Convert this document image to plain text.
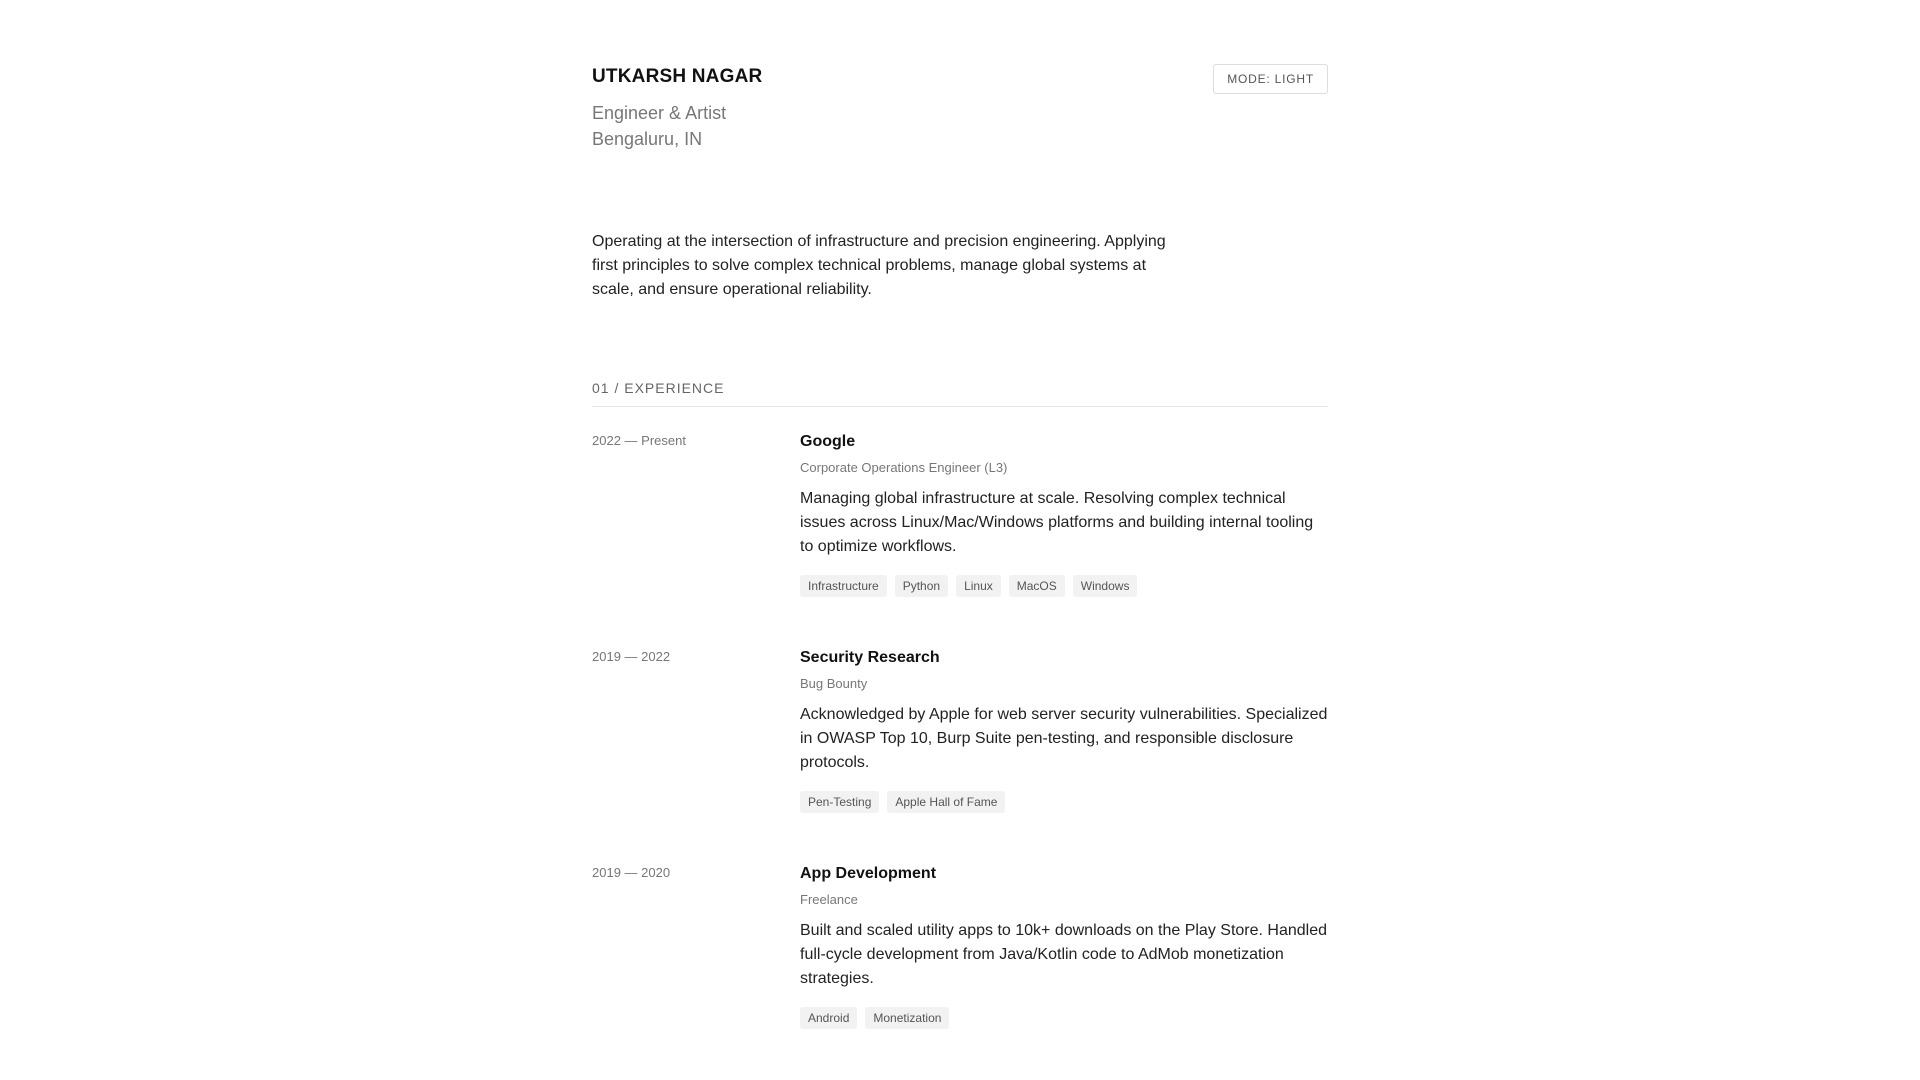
UTKARSH NAGAR
Engineer & Artist
Bengaluru, IN
MODE: LIGHT
Operating at the intersection of infrastructure and precision engineering. Applying first principles to solve complex technical problems, manage global systems at scale, and ensure operational reliability.
01 / EXPERIENCE
2022 — Present	Google
Corporate Operations Engineer (L3)
Managing global infrastructure at scale. Resolving complex technical issues across Linux/Mac/Windows platforms and building internal tooling to optimize workflows.
Infrastructure	Python	Linux	MacOS	Windows
2019 — 2022	Security Research
Bug Bounty
Acknowledged by Apple for web server security vulnerabilities. Specialized in OWASP Top 10, Burp Suite pen-testing, and responsible disclosure protocols.
Pen-Testing	Apple Hall of Fame
2019 — 2020	App Development
Freelance
Built and scaled utility apps to 10k+ downloads on the Play Store. Handled full-cycle development from Java/Kotlin code to AdMob monetization strategies.
Android	Monetization
